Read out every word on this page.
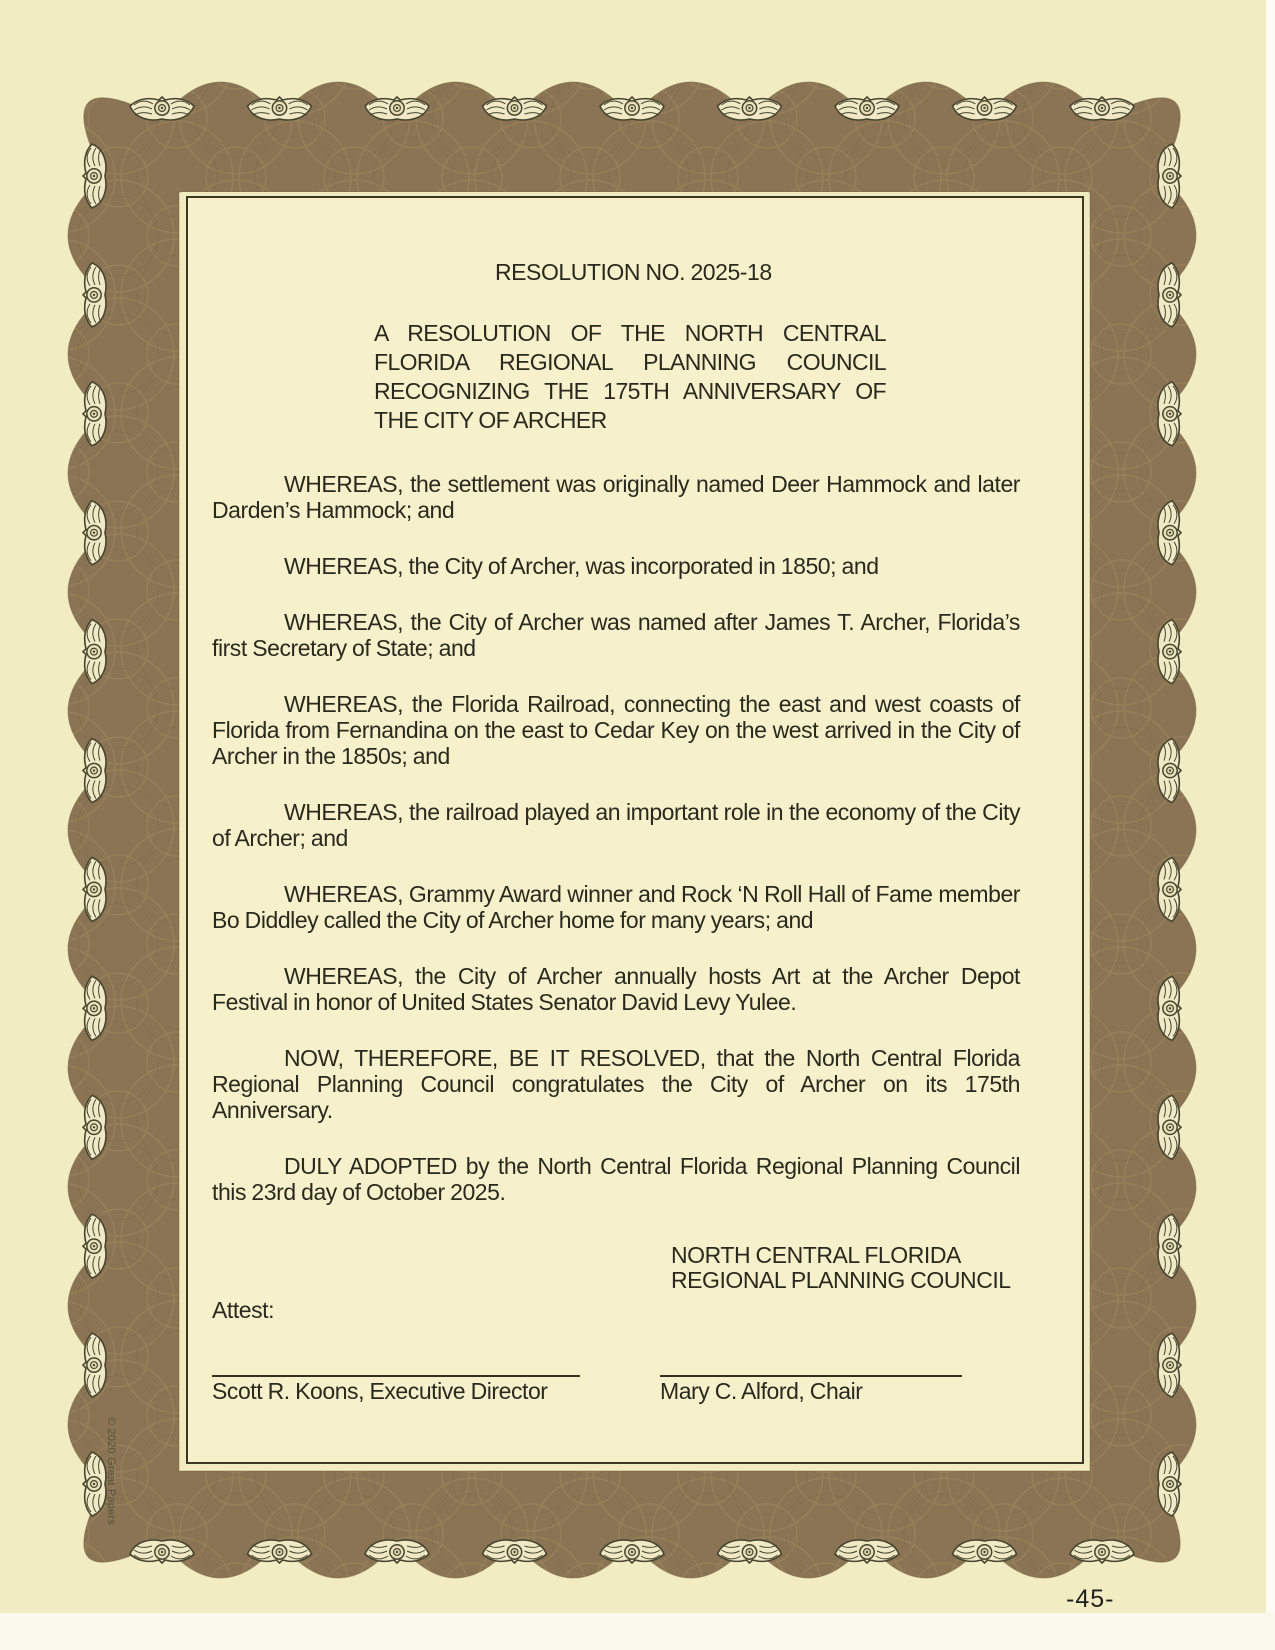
RESOLUTION NO. 2025-18
A RESOLUTION OF THE NORTH CENTRAL FLORIDA REGIONAL PLANNING COUNCIL RECOGNIZING THE 175TH ANNIVERSARY OF THE CITY OF ARCHER

WHEREAS, the settlement was originally named Deer Hammock and later Darden’s Hammock; and

WHEREAS, the City of Archer, was incorporated in 1850; and

WHEREAS, the City of Archer was named after James T. Archer, Florida’s first Secretary of State; and

WHEREAS, the Florida Railroad, connecting the east and west coasts of Florida from Fernandina on the east to Cedar Key on the west arrived in the City of Archer in the 1850s; and

WHEREAS, the railroad played an important role in the economy of the City of Archer; and

WHEREAS, Grammy Award winner and Rock ‘N Roll Hall of Fame member Bo Diddley called the City of Archer home for many years; and

WHEREAS, the City of Archer annually hosts Art at the Archer Depot Festival in honor of United States Senator David Levy Yulee.

NOW, THEREFORE, BE IT RESOLVED, that the North Central Florida Regional Planning Council congratulates the City of Archer on its 175th Anniversary.

DULY ADOPTED by the North Central Florida Regional Planning Council this 23rd day of October 2025.

NORTH CENTRAL FLORIDA
REGIONAL PLANNING COUNCIL
Attest:
Scott R. Koons, Executive Director	Mary C. Alford, Chair
© 2020 Great Papers
-45-
